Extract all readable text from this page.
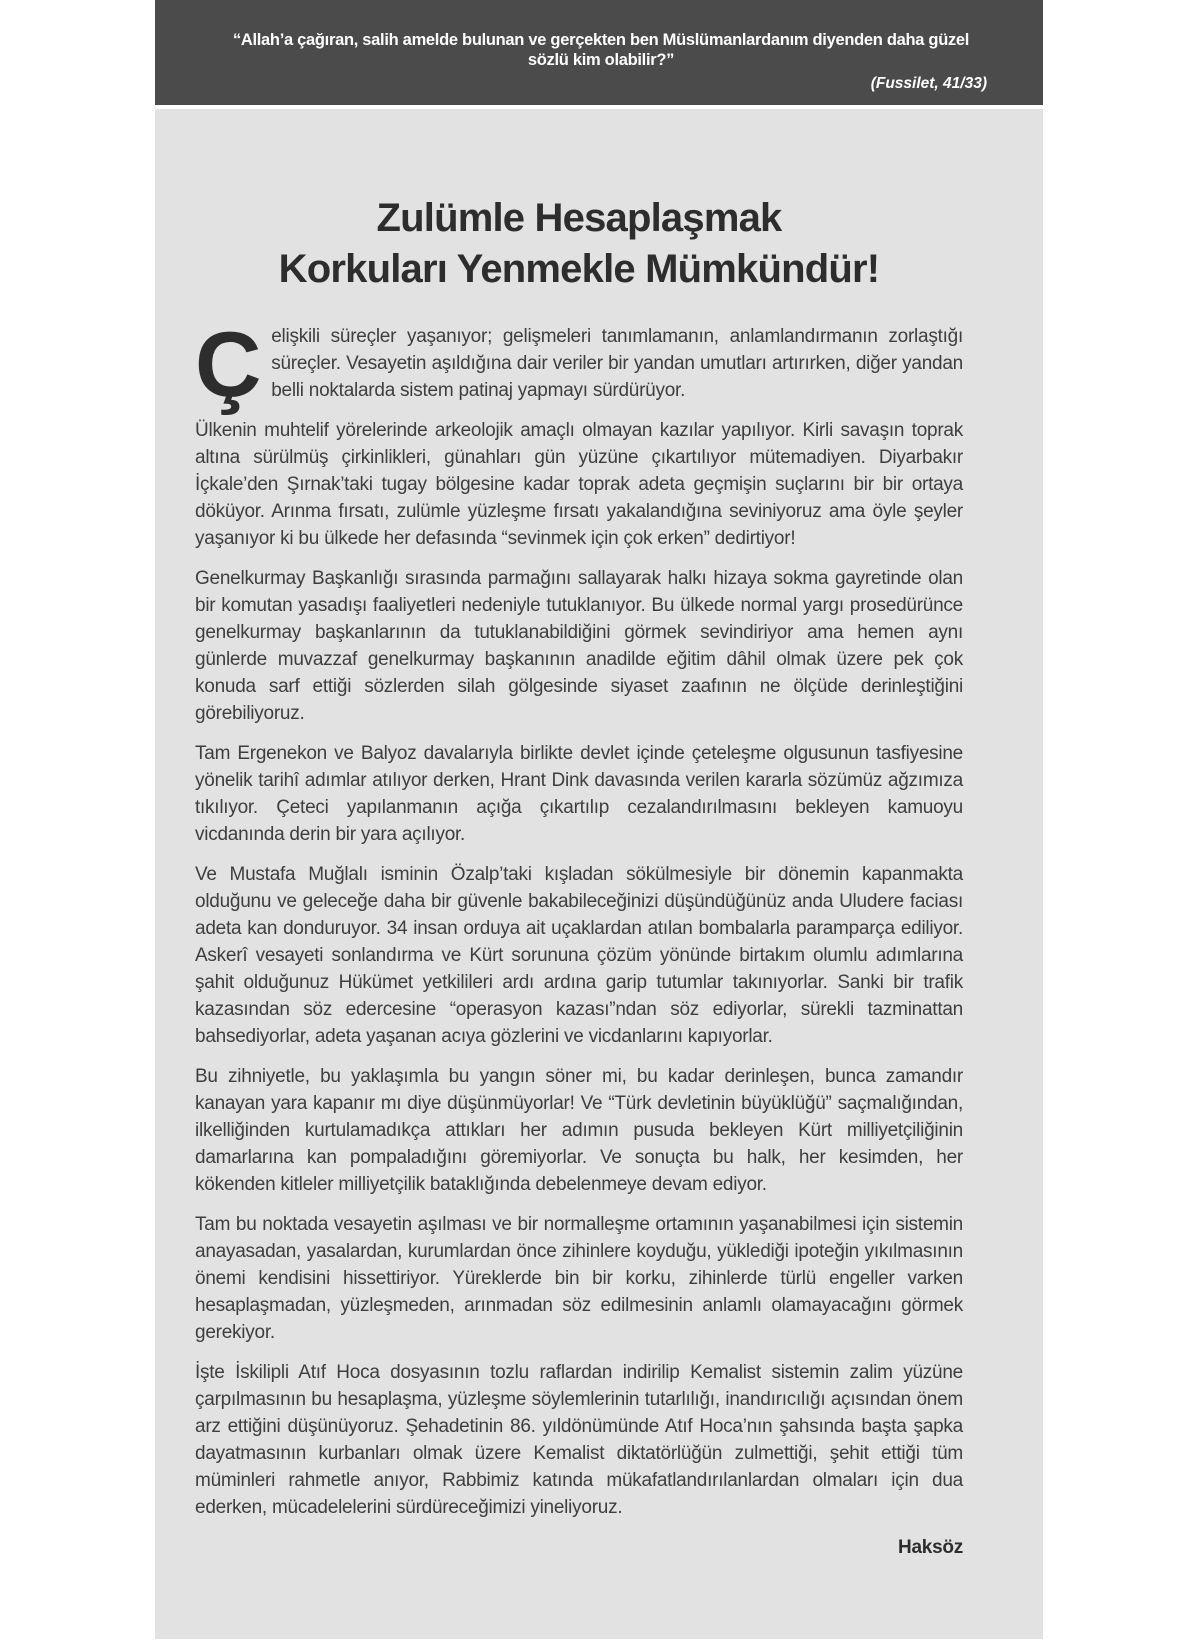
“Allah’a çağıran, salih amelde bulunan ve gerçekten ben Müslümanlardanım diyenden daha güzel sözlü kim olabilir?”
(Fussilet, 41/33)
Zulümle Hesaplaşmak
Korkuları Yenmekle Mümkündür!

Çelişkili süreçler yaşanıyor; gelişmeleri tanımlamanın, anlamlandırmanın zorlaştığı süreçler. Vesayetin aşıldığına dair veriler bir yandan umutları artırırken, diğer yandan belli noktalarda sistem patinaj yapmayı sürdürüyor.

Ülkenin muhtelif yörelerinde arkeolojik amaçlı olmayan kazılar yapılıyor. Kirli savaşın toprak altına sürülmüş çirkinlikleri, günahları gün yüzüne çıkartılıyor mütemadiyen. Diyarbakır İçkale’den Şırnak’taki tugay bölgesine kadar toprak adeta geçmişin suçlarını bir bir ortaya döküyor. Arınma fırsatı, zulümle yüzleşme fırsatı yakalandığına seviniyoruz ama öyle şeyler yaşanıyor ki bu ülkede her defasında “sevinmek için çok erken” dedirtiyor!

Genelkurmay Başkanlığı sırasında parmağını sallayarak halkı hizaya sokma gayretinde olan bir komutan yasadışı faaliyetleri nedeniyle tutuklanıyor. Bu ülkede normal yargı prosedürünce genelkurmay başkanlarının da tutuklanabildiğini görmek sevindiriyor ama hemen aynı günlerde muvazzaf genelkurmay başkanının anadilde eğitim dâhil olmak üzere pek çok konuda sarf ettiği sözlerden silah gölgesinde siyaset zaafının ne ölçüde derinleştiğini görebiliyoruz.

Tam Ergenekon ve Balyoz davalarıyla birlikte devlet içinde çeteleşme olgusunun tasfiyesine yönelik tarihî adımlar atılıyor derken, Hrant Dink davasında verilen kararla sözümüz ağzımıza tıkılıyor. Çeteci yapılanmanın açığa çıkartılıp cezalandırılmasını bekleyen kamuoyu vicdanında derin bir yara açılıyor.

Ve Mustafa Muğlalı isminin Özalp’taki kışladan sökülmesiyle bir dönemin kapanmakta olduğunu ve geleceğe daha bir güvenle bakabileceğinizi düşündüğünüz anda Uludere faciası adeta kan donduruyor. 34 insan orduya ait uçaklardan atılan bombalarla paramparça ediliyor. Askerî vesayeti sonlandırma ve Kürt sorununa çözüm yönünde birtakım olumlu adımlarına şahit olduğunuz Hükümet yetkilileri ardı ardına garip tutumlar takınıyorlar. Sanki bir trafik kazasından söz edercesine “operasyon kazası”ndan söz ediyorlar, sürekli tazminattan bahsediyorlar, adeta yaşanan acıya gözlerini ve vicdanlarını kapıyorlar.

Bu zihniyetle, bu yaklaşımla bu yangın söner mi, bu kadar derinleşen, bunca zamandır kanayan yara kapanır mı diye düşünmüyorlar! Ve “Türk devletinin büyüklüğü” saçmalığından, ilkelliğinden kurtulamadıkça attıkları her adımın pusuda bekleyen Kürt milliyetçiliğinin damarlarına kan pompaladığını göremiyorlar. Ve sonuçta bu halk, her kesimden, her kökenden kitleler milliyetçilik bataklığında debelenmeye devam ediyor.

Tam bu noktada vesayetin aşılması ve bir normalleşme ortamının yaşanabilmesi için sistemin anayasadan, yasalardan, kurumlardan önce zihinlere koyduğu, yüklediği ipoteğin yıkılmasının önemi kendisini hissettiriyor. Yüreklerde bin bir korku, zihinlerde türlü engeller varken hesaplaşmadan, yüzleşmeden, arınmadan söz edilmesinin anlamlı olamayacağını görmek gerekiyor.

İşte İskilipli Atıf Hoca dosyasının tozlu raflardan indirilip Kemalist sistemin zalim yüzüne çarpılmasının bu hesaplaşma, yüzleşme söylemlerinin tutarlılığı, inandırıcılığı açısından önem arz ettiğini düşünüyoruz. Şehadetinin 86. yıldönümünde Atıf Hoca’nın şahsında başta şapka dayatmasının kurbanları olmak üzere Kemalist diktatörlüğün zulmettiği, şehit ettiği tüm müminleri rahmetle anıyor, Rabbimiz katında mükafatlandırılanlardan olmaları için dua ederken, mücadelelerini sürdüreceğimizi yineliyoruz.

Haksöz
